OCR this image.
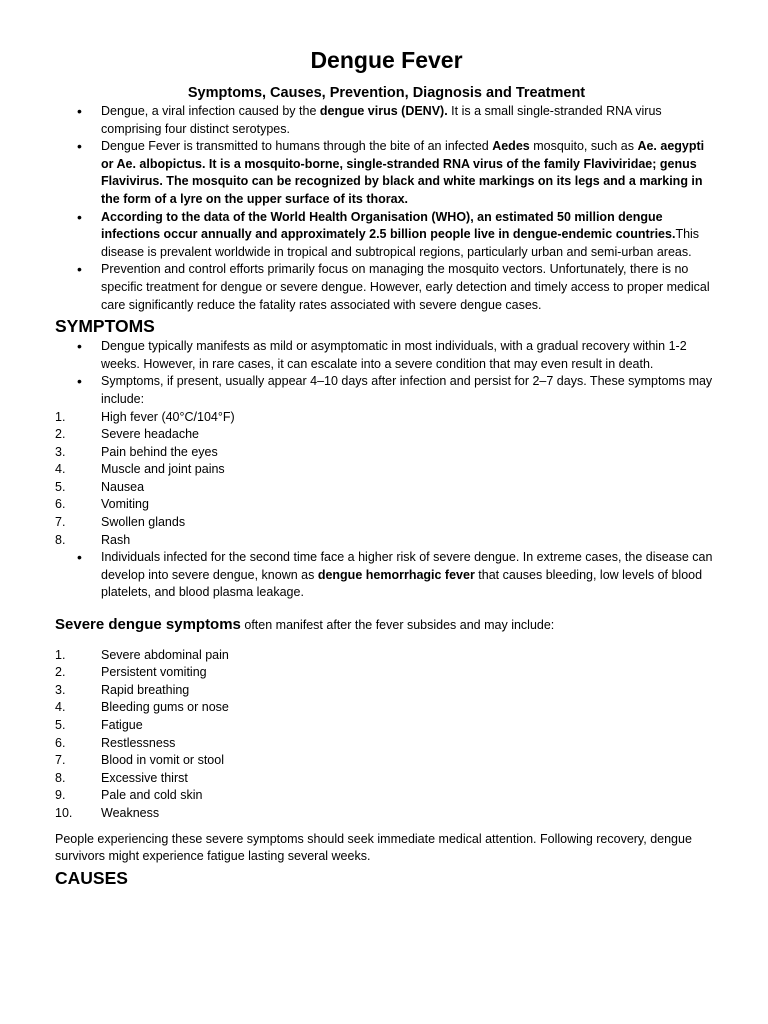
Dengue Fever
Symptoms, Causes, Prevention, Diagnosis and Treatment
• Dengue, a viral infection caused by the dengue virus (DENV). It is a small single-stranded RNA virus comprising four distinct serotypes.
• Dengue Fever is transmitted to humans through the bite of an infected Aedes mosquito, such as Ae. aegypti or Ae. albopictus. It is a mosquito-borne, single-stranded RNA virus of the family Flaviviridae; genus Flavivirus. The mosquito can be recognized by black and white markings on its legs and a marking in the form of a lyre on the upper surface of its thorax.
• According to the data of the World Health Organisation (WHO), an estimated 50 million dengue infections occur annually and approximately 2.5 billion people live in dengue-endemic countries.This disease is prevalent worldwide in tropical and subtropical regions, particularly urban and semi-urban areas.
• Prevention and control efforts primarily focus on managing the mosquito vectors. Unfortunately, there is no specific treatment for dengue or severe dengue. However, early detection and timely access to proper medical care significantly reduce the fatality rates associated with severe dengue cases.
SYMPTOMS
• Dengue typically manifests as mild or asymptomatic in most individuals, with a gradual recovery within 1-2 weeks. However, in rare cases, it can escalate into a severe condition that may even result in death.
• Symptoms, if present, usually appear 4–10 days after infection and persist for 2–7 days. These symptoms may include:
1.	High fever (40°C/104°F)
2.	Severe headache
3.	Pain behind the eyes
4.	Muscle and joint pains
5.	Nausea
6.	Vomiting
7.	Swollen glands
8.	Rash
• Individuals infected for the second time face a higher risk of severe dengue. In extreme cases, the disease can develop into severe dengue, known as dengue hemorrhagic fever that causes bleeding, low levels of blood platelets, and blood plasma leakage.
Severe dengue symptoms often manifest after the fever subsides and may include:
1.	Severe abdominal pain
2.	Persistent vomiting
3.	Rapid breathing
4.	Bleeding gums or nose
5.	Fatigue
6.	Restlessness
7.	Blood in vomit or stool
8.	Excessive thirst
9.	Pale and cold skin
10.	Weakness

People experiencing these severe symptoms should seek immediate medical attention. Following recovery, dengue survivors might experience fatigue lasting several weeks.

CAUSES
